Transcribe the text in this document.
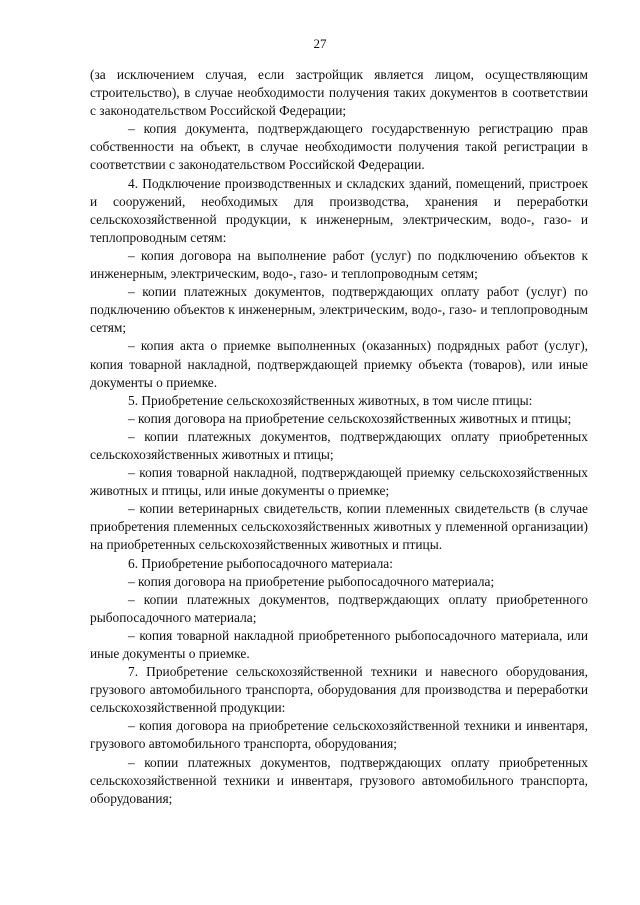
27

(за исключением случая, если застройщик является лицом, осуществляющим строительство), в случае необходимости получения таких документов в соответствии с законодательством Российской Федерации;

– копия документа, подтверждающего государственную регистрацию прав собственности на объект, в случае необходимости получения такой регистрации в соответствии с законодательством Российской Федерации.

4. Подключение производственных и складских зданий, помещений, пристроек и сооружений, необходимых для производства, хранения и переработки сельскохозяйственной продукции, к инженерным, электрическим, водо-, газо- и теплопроводным сетям:

– копия договора на выполнение работ (услуг) по подключению объектов к инженерным, электрическим, водо-, газо- и теплопроводным сетям;

– копии платежных документов, подтверждающих оплату работ (услуг) по подключению объектов к инженерным, электрическим, водо-, газо- и теплопроводным сетям;

– копия акта о приемке выполненных (оказанных) подрядных работ (услуг), копия товарной накладной, подтверждающей приемку объекта (товаров), или иные документы о приемке.

5. Приобретение сельскохозяйственных животных, в том числе птицы:

– копия договора на приобретение сельскохозяйственных животных и птицы;

– копии платежных документов, подтверждающих оплату приобретенных сельскохозяйственных животных и птицы;

– копия товарной накладной, подтверждающей приемку сельскохозяйственных животных и птицы, или иные документы о приемке;

– копии ветеринарных свидетельств, копии племенных свидетельств (в случае приобретения племенных сельскохозяйственных животных у племенной организации) на приобретенных сельскохозяйственных животных и птицы.

6. Приобретение рыбопосадочного материала:

– копия договора на приобретение рыбопосадочного материала;

– копии платежных документов, подтверждающих оплату приобретенного рыбопосадочного материала;

– копия товарной накладной приобретенного рыбопосадочного материала, или иные документы о приемке.

7. Приобретение сельскохозяйственной техники и навесного оборудования, грузового автомобильного транспорта, оборудования для производства и переработки сельскохозяйственной продукции:

– копия договора на приобретение сельскохозяйственной техники и инвентаря, грузового автомобильного транспорта, оборудования;

– копии платежных документов, подтверждающих оплату приобретенных сельскохозяйственной техники и инвентаря, грузового автомобильного транспорта, оборудования;
